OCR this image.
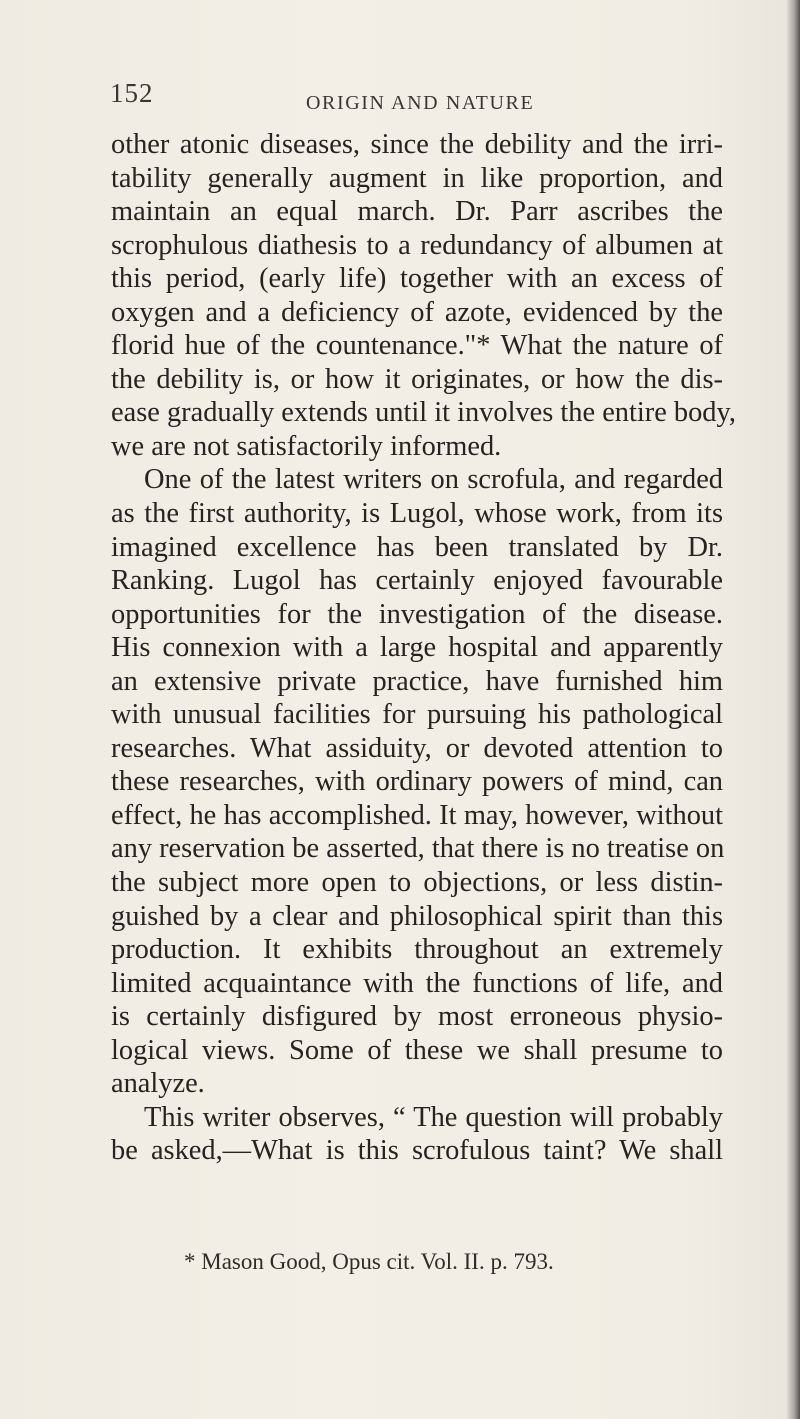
152	ORIGIN AND NATURE
other atonic diseases, since the debility and the irri-
tability generally augment in like proportion, and
maintain an equal march. Dr. Parr ascribes the
scrophulous diathesis to a redundancy of albumen at
this period, (early life) together with an excess of
oxygen and a deficiency of azote, evidenced by the
florid hue of the countenance."* What the nature of
the debility is, or how it originates, or how the dis-
ease gradually extends until it involves the entire body,
we are not satisfactorily informed.
One of the latest writers on scrofula, and regarded
as the first authority, is Lugol, whose work, from its
imagined excellence has been translated by Dr.
Ranking. Lugol has certainly enjoyed favourable
opportunities for the investigation of the disease.
His connexion with a large hospital and apparently
an extensive private practice, have furnished him
with unusual facilities for pursuing his pathological
researches. What assiduity, or devoted attention to
these researches, with ordinary powers of mind, can
effect, he has accomplished. It may, however, without
any reservation be asserted, that there is no treatise on
the subject more open to objections, or less distin-
guished by a clear and philosophical spirit than this
production. It exhibits throughout an extremely
limited acquaintance with the functions of life, and
is certainly disfigured by most erroneous physio-
logical views. Some of these we shall presume to
analyze.
This writer observes, “ The question will probably
be asked,—What is this scrofulous taint? We shall
* Mason Good, Opus cit. Vol. II. p. 793.
